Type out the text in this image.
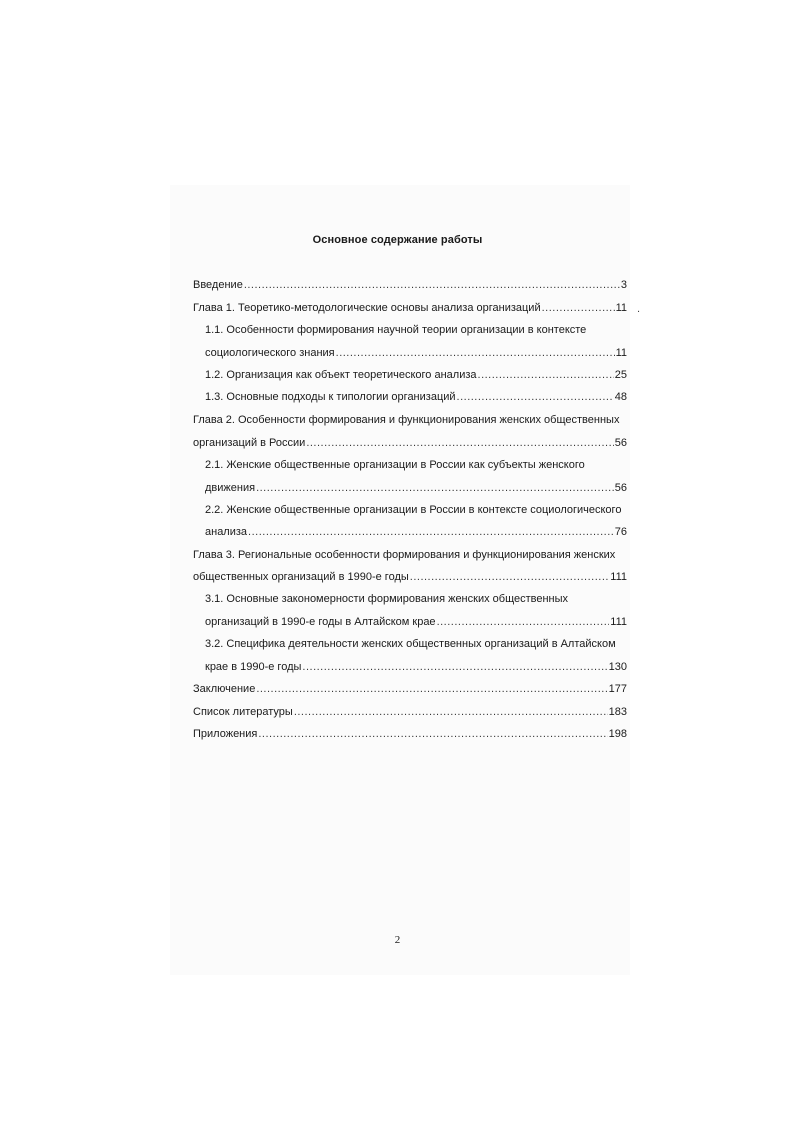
Основное содержание работы
Введение .....	3
Глава 1. Теоретико-методологические основы анализа организаций .....	11
1.1. Особенности формирования научной теории организации в контексте
социологического знания .....	11
1.2. Организация как объект теоретического анализа .....	25
1.3. Основные подходы к типологии организаций .....	48
Глава 2. Особенности формирования и функционирования женских общественных
организаций в России .....	56
2.1. Женские общественные организации в России как субъекты женского
движения .....	56
2.2. Женские общественные организации в России в контексте социологического
анализа .....	76
Глава 3. Региональные особенности формирования и функционирования женских
общественных организаций в 1990-е годы .....	111
3.1. Основные закономерности формирования женских общественных
организаций в 1990-е годы в Алтайском крае .....	111
3.2. Специфика деятельности женских общественных организаций в Алтайском
крае в 1990-е годы .....	130
Заключение .....	177
Список литературы .....	183
Приложения .....	198
.
2
